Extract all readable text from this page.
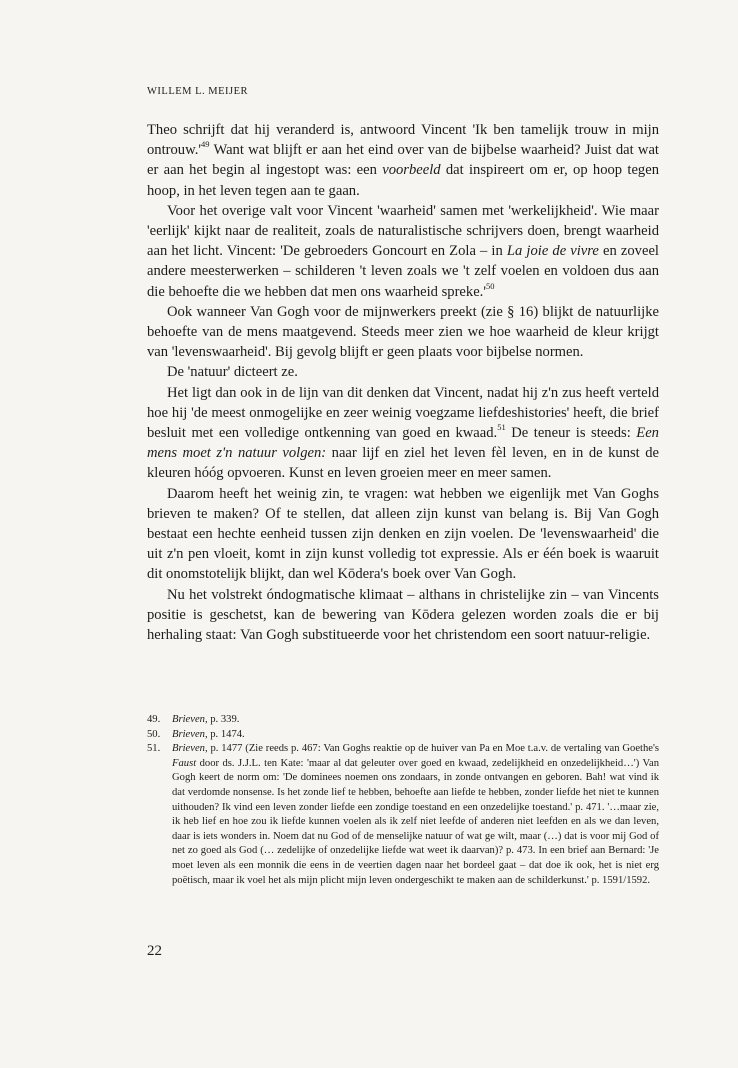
WILLEM L. MEIJER

Theo schrijft dat hij veranderd is, antwoord Vincent 'Ik ben tamelijk trouw in mijn $ontrouw.'^{49}$ Want wat blijft er aan het eind over van de bijbelse waarheid? Juist dat wat er aan het begin al ingestopt was: een voorbeeld dat inspireert om er, op hoop tegen hoop, in het leven tegen aan te gaan.

Voor het overige valt voor Vincent 'waarheid' samen met 'werkelijkheid'. Wie maar 'eerlijk' kijkt naar de realiteit, zoals de naturalistische schrijvers doen, brengt waarheid aan het licht. Vincent: 'De gebroeders Goncourt en Zola – in La joie de vivre en zoveel andere meesterwerken – schilderen 't leven zoals we 't zelf voelen en voldoen dus aan die behoefte die we hebben dat men ons waarheid $spreke.'^{50}$

Ook wanneer Van Gogh voor de mijnwerkers preekt (zie § 16) blijkt de natuurlijke behoefte van de mens maatgevend. Steeds meer zien we hoe waarheid de kleur krijgt van 'levenswaarheid'. Bij gevolg blijft er geen plaats voor bijbelse normen.

De 'natuur' dicteert ze.

Het ligt dan ook in de lijn van dit denken dat Vincent, nadat hij z'n zus heeft verteld hoe hij 'de meest onmogelijke en zeer weinig voegzame liefdeshistories' heeft, die brief besluit met een volledige ontkenning van goed en kwaad.$^{51}$ De teneur is steeds: Een mens moet z'n natuur volgen: naar lijf en ziel het leven fèl leven, en in de kunst de kleuren hóóg opvoeren. Kunst en leven groeien meer en meer samen.

Daarom heeft het weinig zin, te vragen: wat hebben we eigenlijk met Van Goghs brieven te maken? Of te stellen, dat alleen zijn kunst van belang is. Bij Van Gogh bestaat een hechte eenheid tussen zijn denken en zijn voelen. De 'levenswaarheid' die uit z'n pen vloeit, komt in zijn kunst volledig tot expressie. Als er één boek is waaruit dit onomstotelijk blijkt, dan wel Kōdera's boek over Van Gogh.

Nu het volstrekt óndogmatische klimaat – althans in christelijke zin – van Vincents positie is geschetst, kan de bewering van Kōdera gelezen worden zoals die er bij herhaling staat: Van Gogh substitueerde voor het christendom een soort natuur-religie.

49. Brieven, p. 339.
50. Brieven, p. 1474.
51. Brieven, p. 1477 (Zie reeds p. 467: Van Goghs reaktie op de huiver van Pa en Moe t.a.v. de vertaling van Goethe's Faust door ds. J.J.L. ten Kate: 'maar al dat geleuter over goed en kwaad, zedelijkheid en onzedelijkheid…') Van Gogh keert de norm om: 'De dominees noemen ons zondaars, in zonde ontvangen en geboren. Bah! wat vind ik dat verdomde nonsense. Is het zonde lief te hebben, behoefte aan liefde te hebben, zonder liefde het niet te kunnen uithouden? Ik vind een leven zonder liefde een zondige toestand en een onzedelijke toestand.' p. 471. '…maar zie, ik heb lief en hoe zou ik liefde kunnen voelen als ik zelf niet leefde of anderen niet leefden en als we dan leven, daar is iets wonders in. Noem dat nu God of de menselijke natuur of wat ge wilt, maar (…) dat is voor mij God of net zo goed als God (… zedelijke of onzedelijke liefde wat weet ik daarvan)? p. 473. In een brief aan Bernard: 'Je moet leven als een monnik die eens in de veertien dagen naar het bordeel gaat – dat doe ik ook, het is niet erg poëtisch, maar ik voel het als mijn plicht mijn leven ondergeschikt te maken aan de schilderkunst.' p. 1591/1592.
22
